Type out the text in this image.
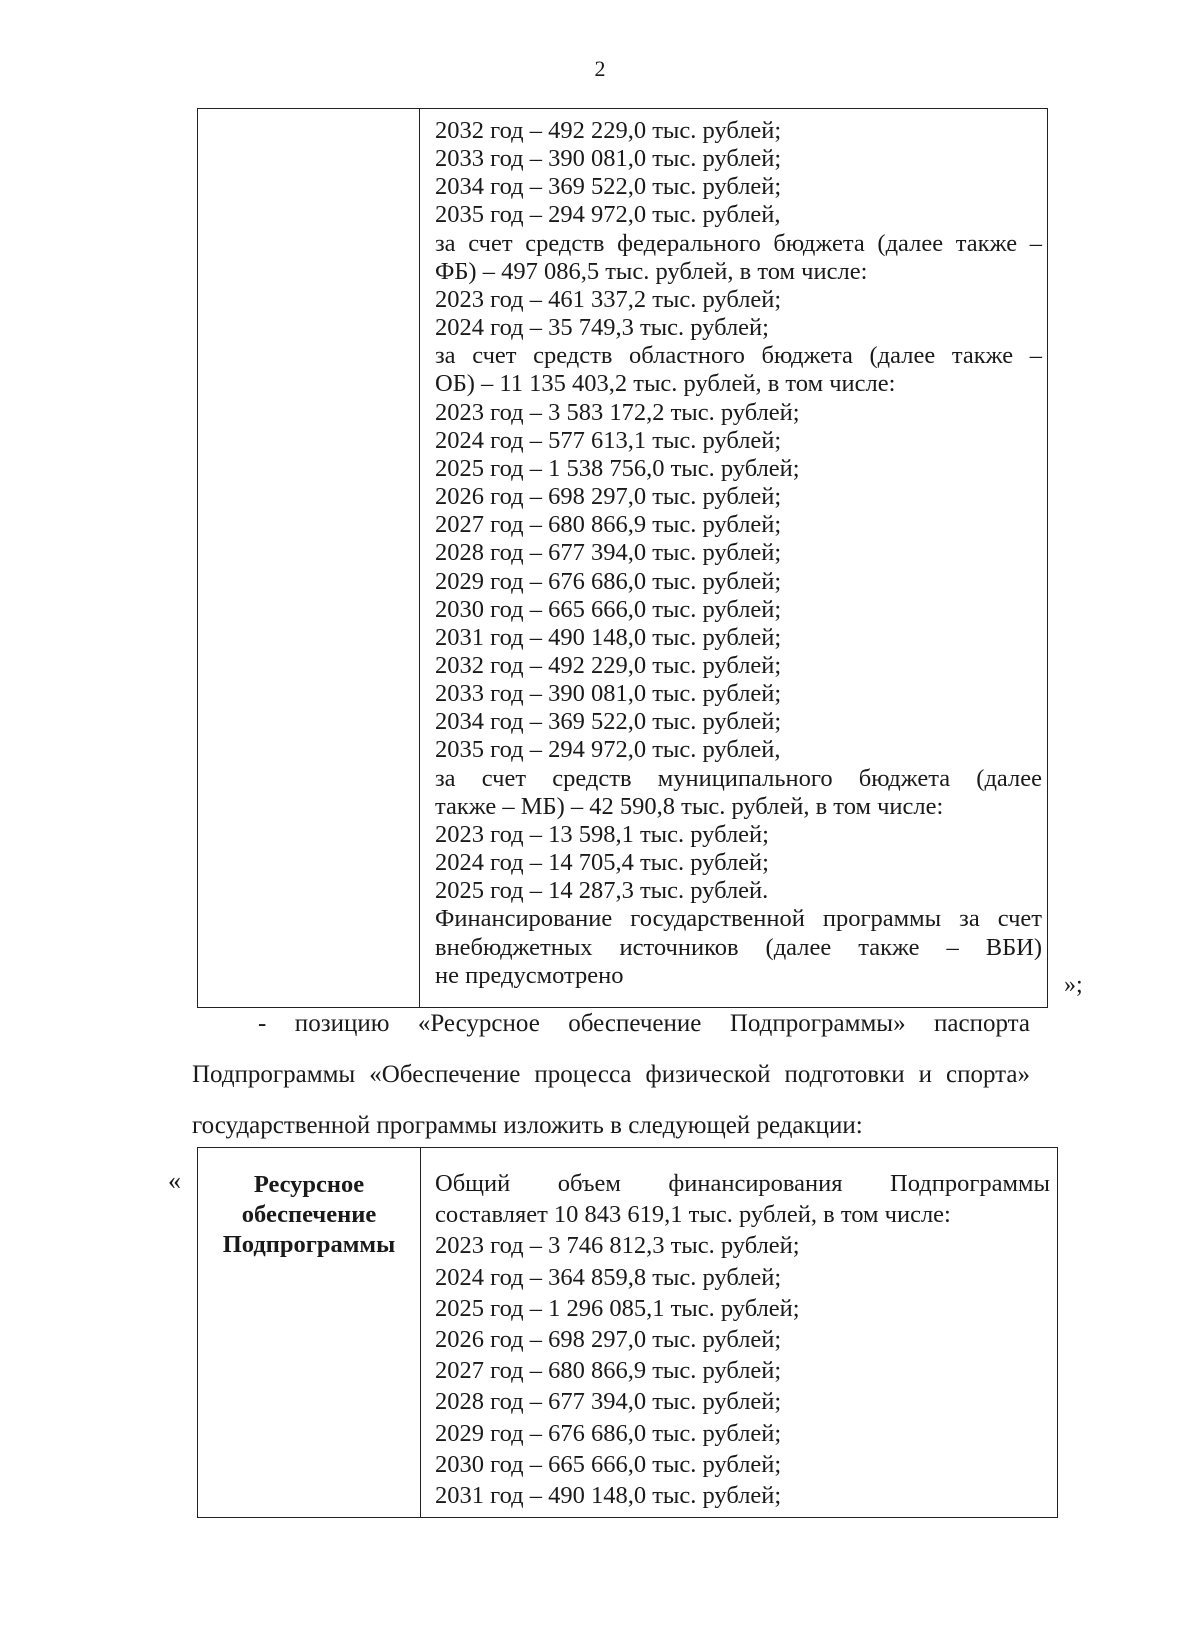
2
2032 год – 492 229,0 тыс. рублей;
2033 год – 390 081,0 тыс. рублей;
2034 год – 369 522,0 тыс. рублей;
2035 год – 294 972,0 тыс. рублей,
за счет средств федерального бюджета (далее также –
ФБ) – 497 086,5 тыс. рублей, в том числе:
2023 год – 461 337,2 тыс. рублей;
2024 год – 35 749,3 тыс. рублей;
за счет средств областного бюджета (далее также –
ОБ) – 11 135 403,2 тыс. рублей, в том числе:
2023 год – 3 583 172,2 тыс. рублей;
2024 год – 577 613,1 тыс. рублей;
2025 год – 1 538 756,0 тыс. рублей;
2026 год – 698 297,0 тыс. рублей;
2027 год – 680 866,9 тыс. рублей;
2028 год – 677 394,0 тыс. рублей;
2029 год – 676 686,0 тыс. рублей;
2030 год – 665 666,0 тыс. рублей;
2031 год – 490 148,0 тыс. рублей;
2032 год – 492 229,0 тыс. рублей;
2033 год – 390 081,0 тыс. рублей;
2034 год – 369 522,0 тыс. рублей;
2035 год – 294 972,0 тыс. рублей,
за счет средств муниципального бюджета (далее
также – МБ) – 42 590,8 тыс. рублей, в том числе:
2023 год – 13 598,1 тыс. рублей;
2024 год – 14 705,4 тыс. рублей;
2025 год – 14 287,3 тыс. рублей.
Финансирование государственной программы за счет
внебюджетных источников (далее также – ВБИ)
не предусмотрено	»;
- позицию «Ресурсное обеспечение Подпрограммы» паспорта
Подпрограммы «Обеспечение процесса физической подготовки и спорта»
государственной программы изложить в следующей редакции:
«	Ресурсное
обеспечение
Подпрограммы
Общий объем финансирования Подпрограммы
составляет 10 843 619,1 тыс. рублей, в том числе:
2023 год – 3 746 812,3 тыс. рублей;
2024 год – 364 859,8 тыс. рублей;
2025 год – 1 296 085,1 тыс. рублей;
2026 год – 698 297,0 тыс. рублей;
2027 год – 680 866,9 тыс. рублей;
2028 год – 677 394,0 тыс. рублей;
2029 год – 676 686,0 тыс. рублей;
2030 год – 665 666,0 тыс. рублей;
2031 год – 490 148,0 тыс. рублей;
